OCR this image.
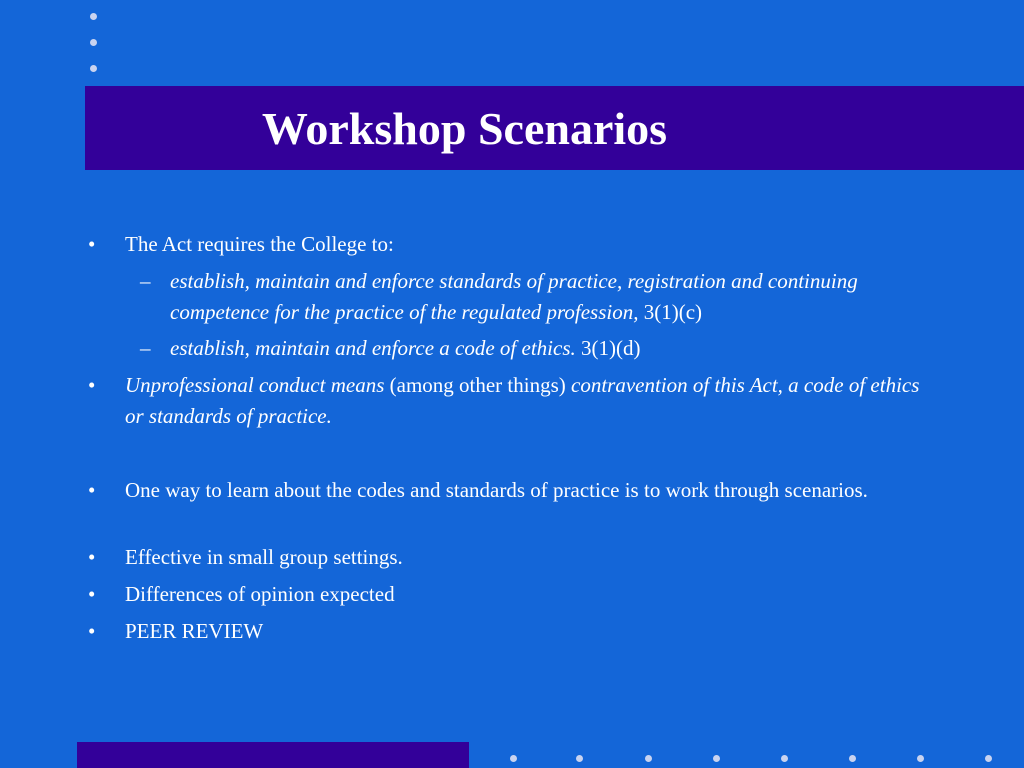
Workshop Scenarios
• The Act requires the College to:
– establish, maintain and enforce standards of practice, registration and continuing competence for the practice of the regulated profession, 3(1)(c)
– establish, maintain and enforce a code of ethics. 3(1)(d)
• Unprofessional conduct means (among other things) contravention of this Act, a code of ethics or standards of practice.
• One way to learn about the codes and standards of practice is to work through scenarios.
• Effective in small group settings.
• Differences of opinion expected
• PEER REVIEW
